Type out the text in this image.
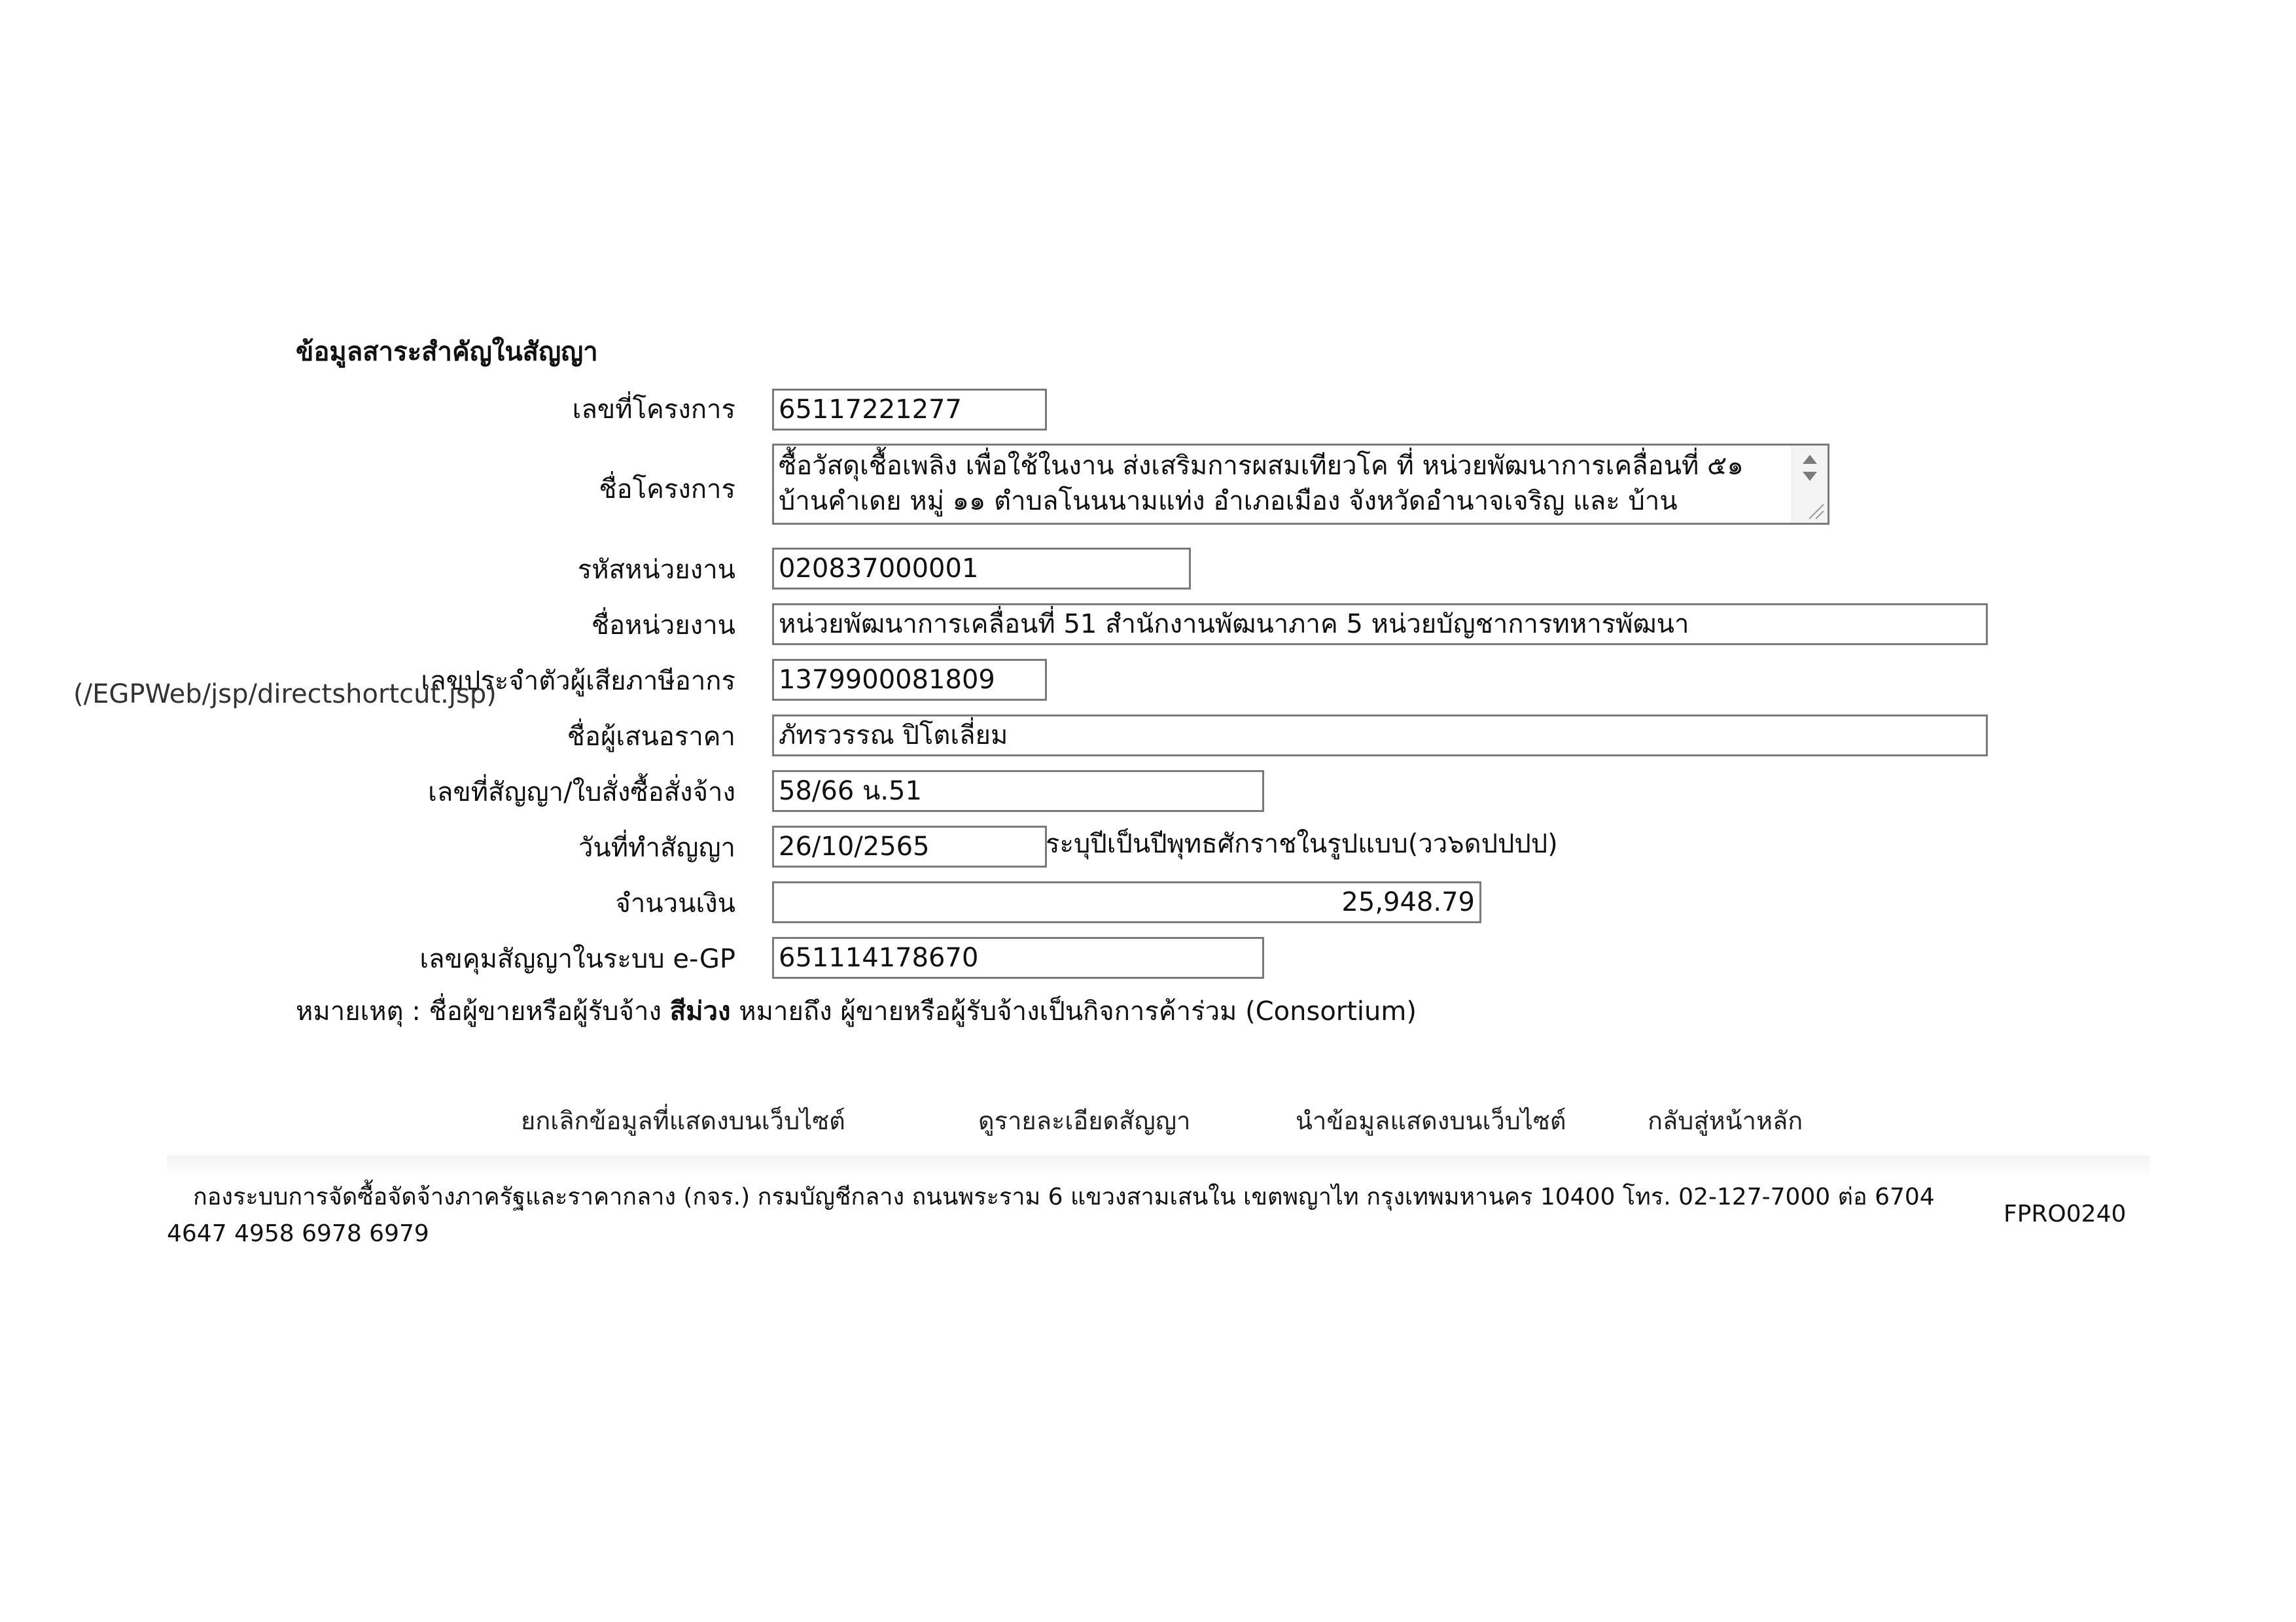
ข้อมูลสาระสำคัญในสัญญา
เลขที่โครงการ 65117221277
ชื่อโครงการ
ซื้อวัสดุเชื้อเพลิง เพื่อใช้ในงาน ส่งเสริมการผสมเทียวโค ที่ หน่วยพัฒนาการเคลื่อนที่ ๕๑ บ้านคำเดย หมู่ ๑๑ ตำบลโนนนามแท่ง อำเภอเมือง จังหวัดอำนาจเจริญ และ บ้าน
รหัสหน่วยงาน 020837000001
ชื่อหน่วยงาน หน่วยพัฒนาการเคลื่อนที่ 51 สำนักงานพัฒนาภาค 5 หน่วยบัญชาการทหารพัฒนา
เลขประจำตัวผู้เสียภาษีอากร 1379900081809
(/EGPWeb/jsp/directshortcut.jsp)
ชื่อผู้เสนอราคา ภัทรวรรณ ปิโตเลี่ยม
เลขที่สัญญา/ใบสั่งซื้อสั่งจ้าง 58/66 น.51
วันที่ทำสัญญา 26/10/2565	ระบุปีเป็นปีพุทธศักราชในรูปแบบ(วว๖ดปปปป)
จำนวนเงิน	25,948.79
เลขคุมสัญญาในระบบ e-GP 651114178670
หมายเหตุ : ชื่อผู้ขายหรือผู้รับจ้าง สีม่วง หมายถึง ผู้ขายหรือผู้รับจ้างเป็นกิจการค้าร่วม (Consortium)
ยกเลิกข้อมูลที่แสดงบนเว็บไซต์	ดูรายละเอียดสัญญา	นำข้อมูลแสดงบนเว็บไซต์	กลับสู่หน้าหลัก
กองระบบการจัดซื้อจัดจ้างภาครัฐและราคากลาง (กจร.) กรมบัญชีกลาง ถนนพระราม 6 แขวงสามเสนใน เขตพญาไท กรุงเทพมหานคร 10400 โทร. 02-127-7000 ต่อ 6704 4647 4958 6978 6979
FPRO0240
